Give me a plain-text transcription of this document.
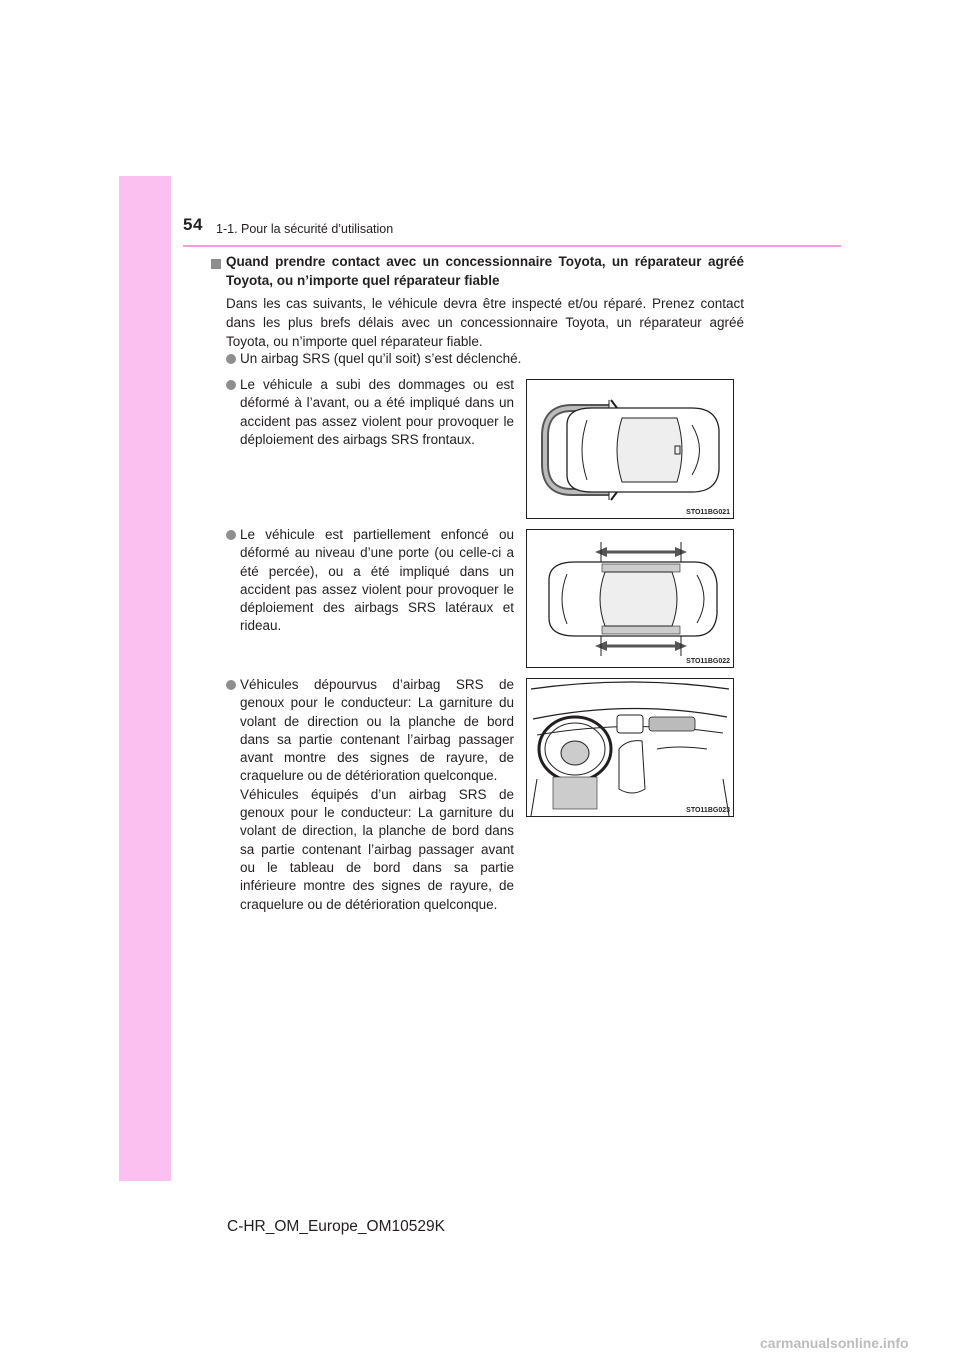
54 1-1. Pour la sécurité d’utilisation
Quand prendre contact avec un concessionnaire Toyota, un réparateur agréé Toyota, ou n’importe quel réparateur fiable
Dans les cas suivants, le véhicule devra être inspecté et/ou réparé. Prenez contact dans les plus brefs délais avec un concessionnaire Toyota, un réparateur agréé Toyota, ou n’importe quel réparateur fiable.
Un airbag SRS (quel qu’il soit) s’est déclenché.
Le véhicule a subi des dommages ou est déformé à l’avant, ou a été impliqué dans un accident pas assez violent pour provoquer le déploiement des airbags SRS frontaux.
Le véhicule est partiellement enfoncé ou déformé au niveau d’une porte (ou celle-ci a été percée), ou a été impliqué dans un accident pas assez violent pour provoquer le déploiement des airbags SRS latéraux et rideau.
Véhicules dépourvus d’airbag SRS de genoux pour le conducteur: La garniture du volant de direction ou la planche de bord dans sa partie contenant l’airbag passager avant montre des signes de rayure, de craquelure ou de détérioration quelconque.
Véhicules équipés d’un airbag SRS de genoux pour le conducteur: La garniture du volant de direction, la planche de bord dans sa partie contenant l’airbag passager avant ou le tableau de bord dans sa partie inférieure montre des signes de rayure, de craquelure ou de détérioration quelconque.
STO11BG021
STO11BG022
STO11BG023
C-HR_OM_Europe_OM10529K
carmanualsonline.info
